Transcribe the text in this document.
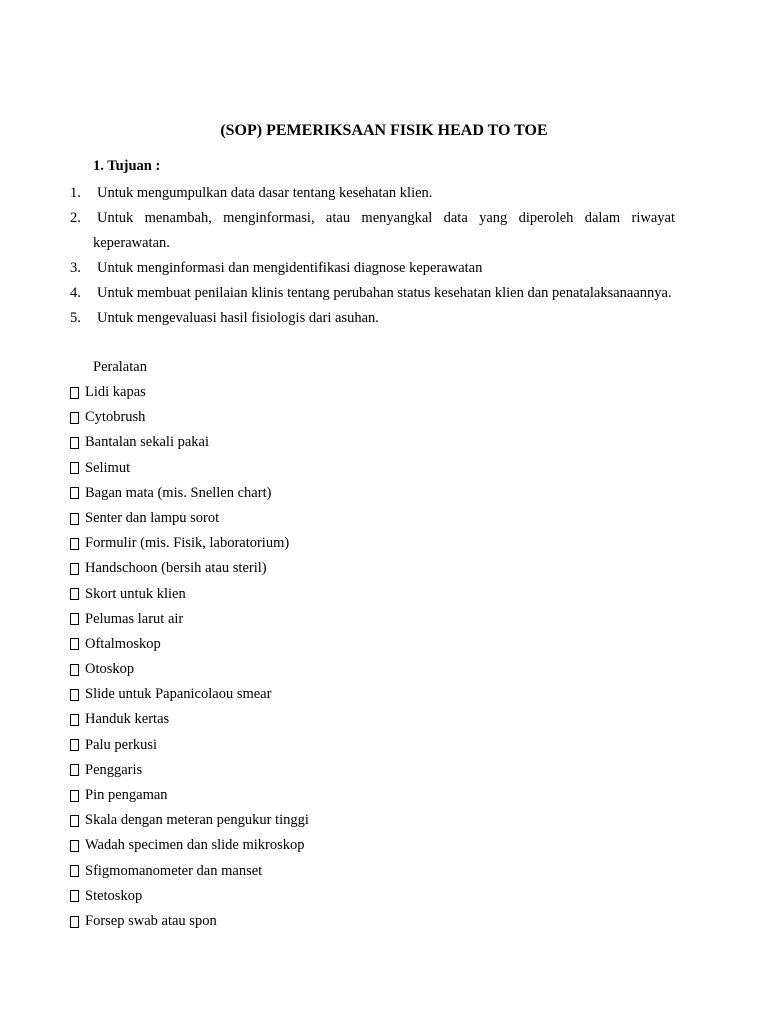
(SOP) PEMERIKSAAN FISIK HEAD TO TOE
1. Tujuan :
1. Untuk mengumpulkan data dasar tentang kesehatan klien.
2. Untuk menambah, menginformasi, atau menyangkal data yang diperoleh dalam riwayat keperawatan.
3. Untuk menginformasi dan mengidentifikasi diagnose keperawatan
4. Untuk membuat penilaian klinis tentang perubahan status kesehatan klien dan penatalaksanaannya.
5. Untuk mengevaluasi hasil fisiologis dari asuhan.
Peralatan
Lidi kapas
Cytobrush
Bantalan sekali pakai
Selimut
Bagan mata (mis. Snellen chart)
Senter dan lampu sorot
Formulir (mis. Fisik, laboratorium)
Handschoon (bersih atau steril)
Skort untuk klien
Pelumas larut air
Oftalmoskop
Otoskop
Slide untuk Papanicolaou smear
Handuk kertas
Palu perkusi
Penggaris
Pin pengaman
Skala dengan meteran pengukur tinggi
Wadah specimen dan slide mikroskop
Sfigmomanometer dan manset
Stetoskop
Forsep swab atau spon
